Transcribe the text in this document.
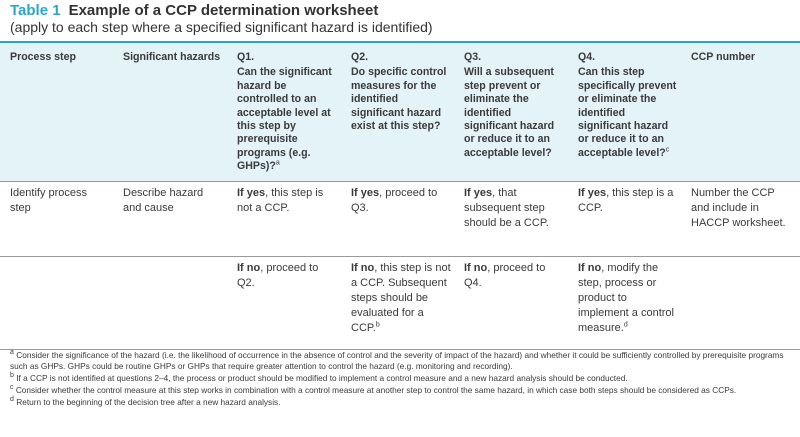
Table 1 Example of a CCP determination worksheet
(apply to each step where a specified significant hazard is identified)
Process step	Significant hazards Q1.
Can the significant hazard be controlled to an acceptable level at this step by prerequisite programs (e.g. GHPs)?$^a$
Q2.
Do specific control measures for the identified significant hazard exist at this step?
Q3.
Will a subsequent step prevent or eliminate the identified significant hazard or reduce it to an acceptable level?
Q4.
Can this step specifically prevent or eliminate the identified significant hazard or reduce it to an acceptable level?$^c$
CCP number
Identify process step
Describe hazard and cause
If yes, this step is not a CCP.
If yes, proceed to Q3.
If yes, that subsequent step should be a CCP.
If yes, this step is a CCP.
Number the CCP and include in HACCP worksheet.
If no, proceed to Q2.
If no, this step is not a CCP. Subsequent steps should be evaluated for a CCP.$^b$
If no, proceed to Q4.
If no, modify the step, process or product to implement a control measure.$^d$

$^a$ Consider the significance of the hazard (i.e. the likelihood of occurrence in the absence of control and the severity of impact of the hazard) and whether it could be sufficiently controlled by prerequisite programs such as GHPs. GHPs could be routine GHPs or GHPs that require greater attention to control the hazard (e.g. monitoring and recording).

$^b$ If a CCP is not identified at questions 2–4, the process or product should be modified to implement a control measure and a new hazard analysis should be conducted.

$^c$ Consider whether the control measure at this step works in combination with a control measure at another step to control the same hazard, in which case both steps should be considered as CCPs.

$^d$ Return to the beginning of the decision tree after a new hazard analysis.
